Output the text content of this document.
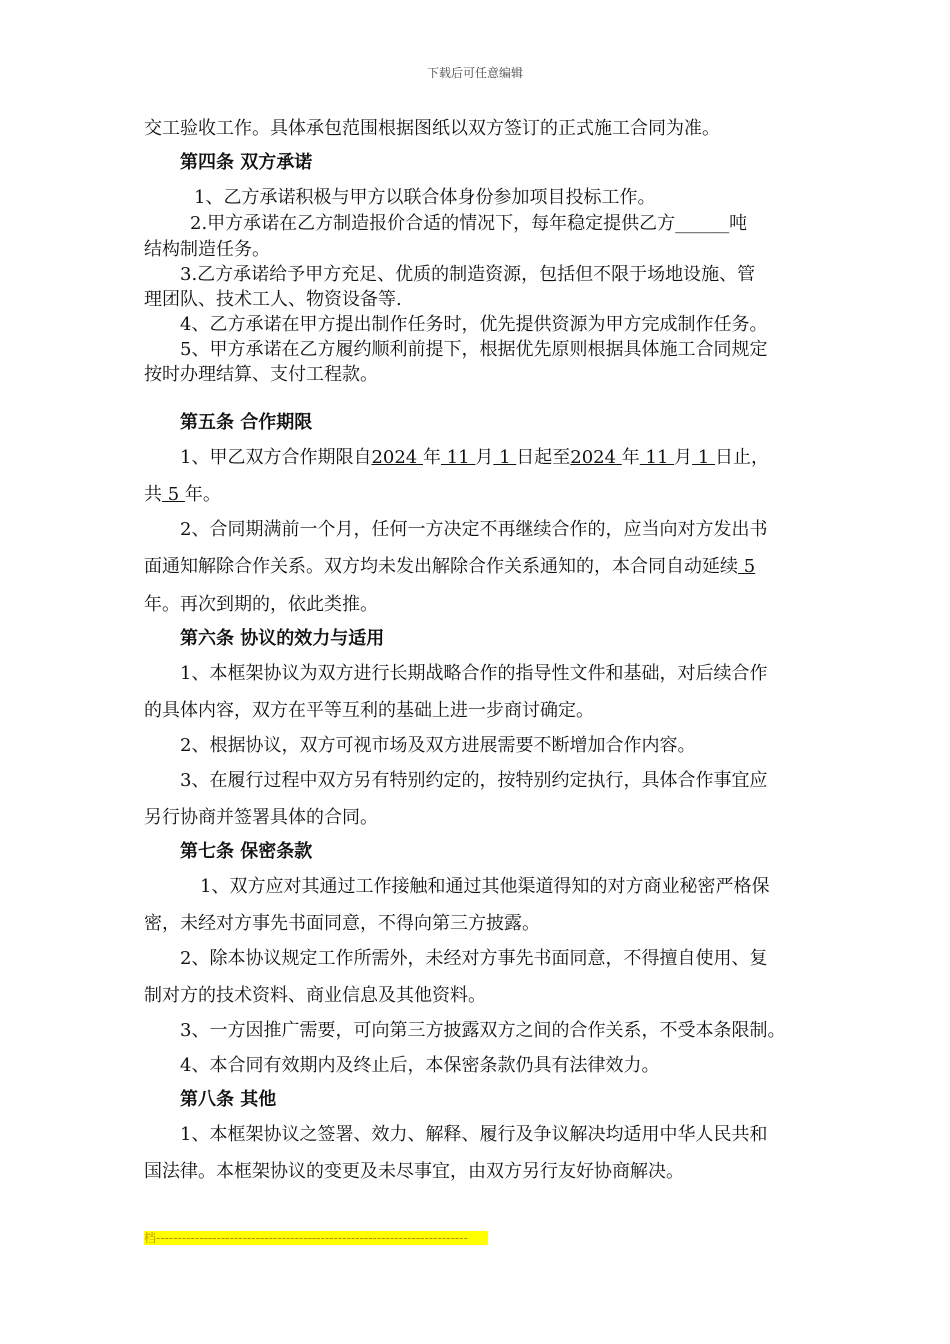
下载后可任意编辑
交工验收工作。具体承包范围根据图纸以双方签订的正式施工合同为准。
第四条 双方承诺
1、乙方承诺积极与甲方以联合体身份参加项目投标工作。
2.甲方承诺在乙方制造报价合适的情况下，每年稳定提供乙方______吨
结构制造任务。
3.乙方承诺给予甲方充足、优质的制造资源，包括但不限于场地设施、管
理团队、技术工人、物资设备等.
4、乙方承诺在甲方提出制作任务时，优先提供资源为甲方完成制作任务。
5、甲方承诺在乙方履约顺利前提下，根据优先原则根据具体施工合同规定
按时办理结算、支付工程款。
第五条 合作期限
1、甲乙双方合作期限自2024 年 11 月 1 日起至2024 年 11 月 1 日止，
共 5 年。
2、合同期满前一个月，任何一方决定不再继续合作的，应当向对方发出书
面通知解除合作关系。双方均未发出解除合作关系通知的，本合同自动延续 5
年。再次到期的，依此类推。
第六条 协议的效力与适用
1、本框架协议为双方进行长期战略合作的指导性文件和基础，对后续合作
的具体内容，双方在平等互利的基础上进一步商讨确定。
2、根据协议，双方可视市场及双方进展需要不断增加合作内容。
3、在履行过程中双方另有特别约定的，按特别约定执行，具体合作事宜应
另行协商并签署具体的合同。
第七条 保密条款
1、双方应对其通过工作接触和通过其他渠道得知的对方商业秘密严格保
密，未经对方事先书面同意，不得向第三方披露。
2、除本协议规定工作所需外，未经对方事先书面同意，不得擅自使用、复
制对方的技术资料、商业信息及其他资料。
3、一方因推广需要，可向第三方披露双方之间的合作关系，不受本条限制。
4、本合同有效期内及终止后，本保密条款仍具有法律效力。
第八条 其他
1、本框架协议之签署、效力、解释、履行及争议解决均适用中华人民共和
国法律。本框架协议的变更及未尽事宜，由双方另行友好协商解决。
档------------------------------------------------------------------------
